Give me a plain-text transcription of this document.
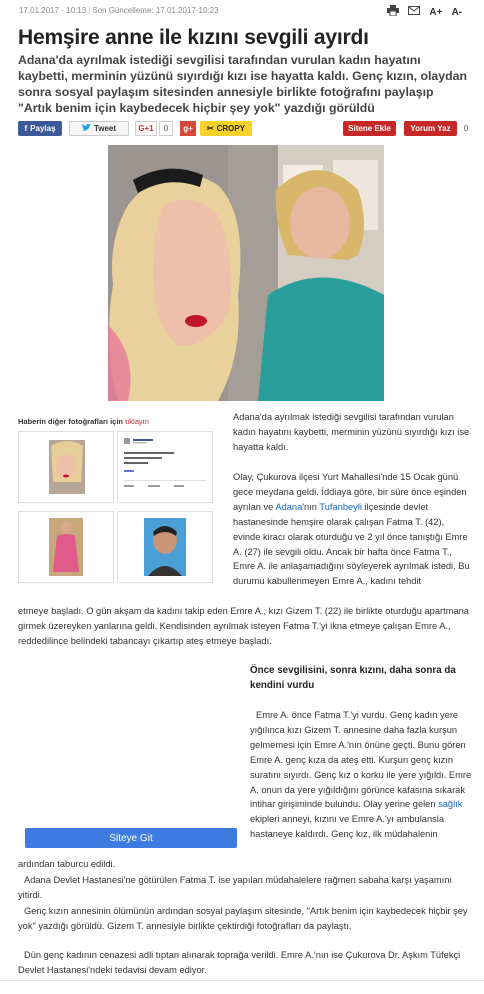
17.01.2017 - 10:13 | Son Güncelleme: 17.01.2017-10:23	A+ A-
Hemşire anne ile kızını sevgili ayırdı

Adana'da ayrılmak istediği sevgilisi tarafından vurulan kadın hayatını kaybetti, merminin yüzünü sıyırdığı kızı ise hayatta kaldı. Genç kızın, olaydan sonra sosyal paylaşım sitesinden annesiyle birlikte fotoğrafını paylaşıp "Artık benim için kaybedecek hiçbir şey yok" yazdığı görüldü

f Paylaş	Tweet	G+1	0	g+	✂ CROPY	Sitene Ekle	Yorum Yaz	0
Haberin diğer fotoğrafları için tıklayın	Adana'da ayrılmak istediği sevgilisi tarafından vurulan kadın hayatını kaybetti, merminin yüzünü sıyırdığı kızı ise hayatta kaldı.

Olay, Çukurova ilçesi Yurt Mahallesi'nde 15 Ocak günü gece meydana geldi. İddiaya göre, bir süre önce eşinden ayrılan ve Adana'nın Tufanbeyli ilçesinde devlet hastanesinde hemşire olarak çalışan Fatma T. (42), evinde kiracı olarak oturduğu ve 2 yıl önce tanıştığı Emre A. (27) ile sevgili oldu. Ancak bir hafta önce Fatma T., Emre A. ile anlaşamadığını söyleyerek ayrılmak istedi. Bu durumu kabullenmeyen Emre A., kadını tehdit

etmeye başladı. O gün akşam da kadını takip eden Emre A., kızı Gizem T. (22) ile birlikte oturduğu apartmana girmek üzereyken yanlarına geldi. Kendisinden ayrılmak isteyen Fatma T.'yi ikna etmeye çalışan Emre A., reddedilince belindeki tabancayı çıkartıp ateş etmeye başladı.

Önce sevgilisini, sonra kızını, daha sonra da kendini vurdu

Emre A. önce Fatma T.'yi vurdu. Genç kadın yere yığılınca kızı Gizem T. annesine daha fazla kurşun gelmemesi için Emre A.'nın önüne geçti. Bunu gören Emre A. genç kıza da ateş etti. Kurşun genç kızın suratını sıyırdı. Genç kız o korku ile yere yığıldı. Emre A. onun da yere yığıldığını görünce kafasına sıkarak intihar girişiminde bulundu. Olay yerine gelen sağlık ekipleri anneyi, kızını ve Emre A.'yı ambulansla hastaneye kaldırdı. Genç kız, ilk müdahalenin

Siteye Git

ardından taburcu edildi.

Adana Devlet Hastanesi'ne götürülen Fatma T. ise yapılan müdahalelere rağmen sabaha karşı yaşamını yitirdi.

Genç kızın annesinin ölümünün ardından sosyal paylaşım sitesinde, "Artık benim için kaybedecek hiçbir şey yok" yazdığı görüldü. Gizem T. annesiyle birlikte çektirdiği fotoğrafları da paylaştı.

Dün genç kadının cenazesi adli tıptan alınarak toprağa verildi. Emre A.'nın ise Çukurova Dr. Aşkım Tüfekçi Devlet Hastanesi'ndeki tedavisi devam ediyor.
